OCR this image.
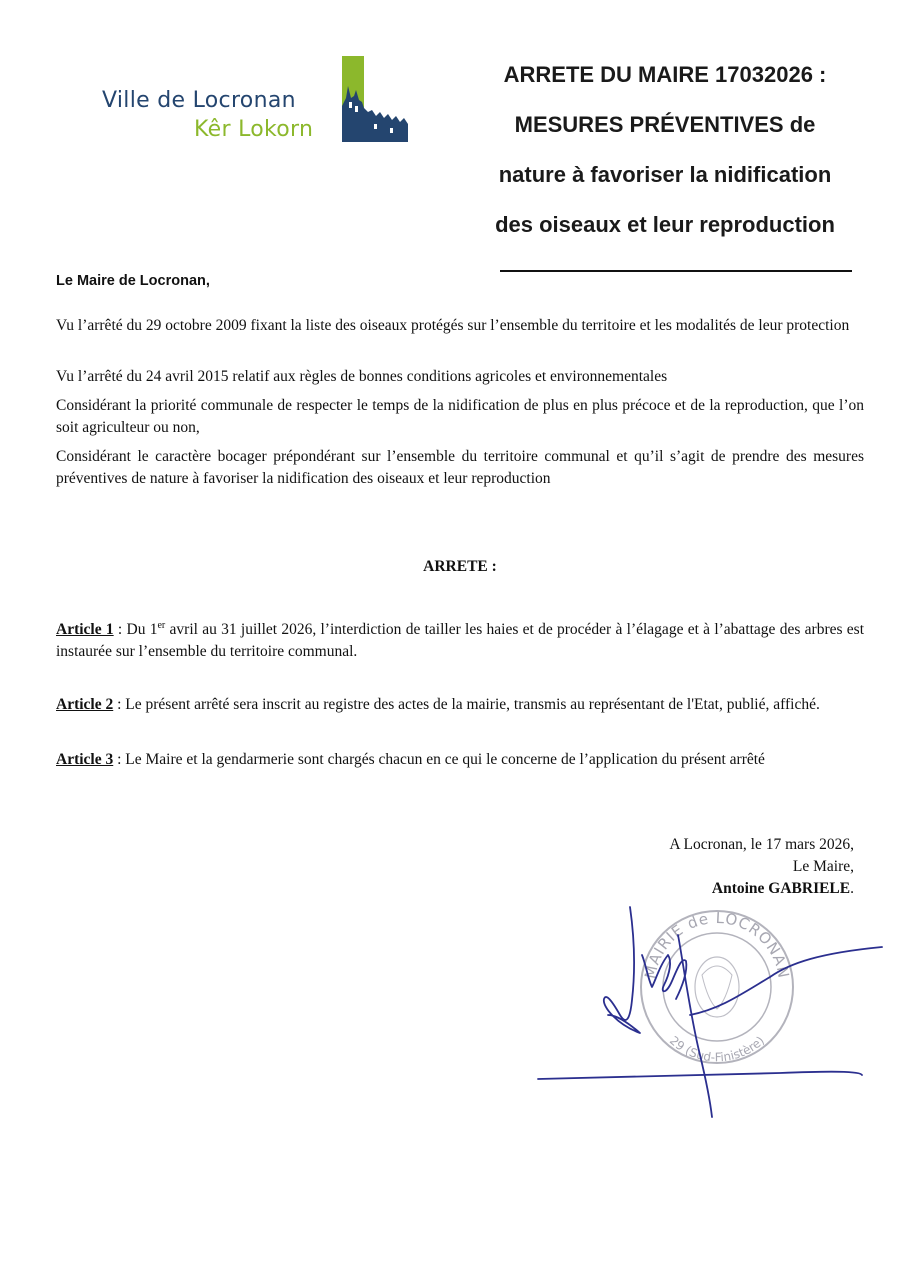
Ville de Locronan
Kêr Lokorn
ARRETE DU MAIRE 17032026 :
MESURES PRÉVENTIVES de
nature à favoriser la nidification
des oiseaux et leur reproduction
Le Maire de Locronan,
Vu l’arrêté du 29 octobre 2009 fixant la liste des oiseaux protégés sur l’ensemble du territoire et les modalités de leur protection
Vu l’arrêté du 24 avril 2015 relatif aux règles de bonnes conditions agricoles et environnementales
Considérant la priorité communale de respecter le temps de la nidification de plus en plus précoce et de la reproduction, que l’on soit agriculteur ou non,
Considérant le caractère bocager prépondérant sur l’ensemble du territoire communal et qu’il s’agit de prendre des mesures préventives de nature à favoriser la nidification des oiseaux et leur reproduction
ARRETE :
Article 1 : Du 1er avril au 31 juillet 2026, l’interdiction de tailler les haies et de procéder à l’élagage et à l’abattage des arbres est instaurée sur l’ensemble du territoire communal.
Article 2 : Le présent arrêté sera inscrit au registre des actes de la mairie, transmis au représentant de l'Etat, publié, affiché.
Article 3 : Le Maire et la gendarmerie sont chargés chacun en ce qui le concerne de l’application du présent arrêté
A Locronan, le 17 mars 2026,
Le Maire,
Antoine GABRIELE.
MAIRIE de LOCRONAN
29 (Sud-Finistère)
